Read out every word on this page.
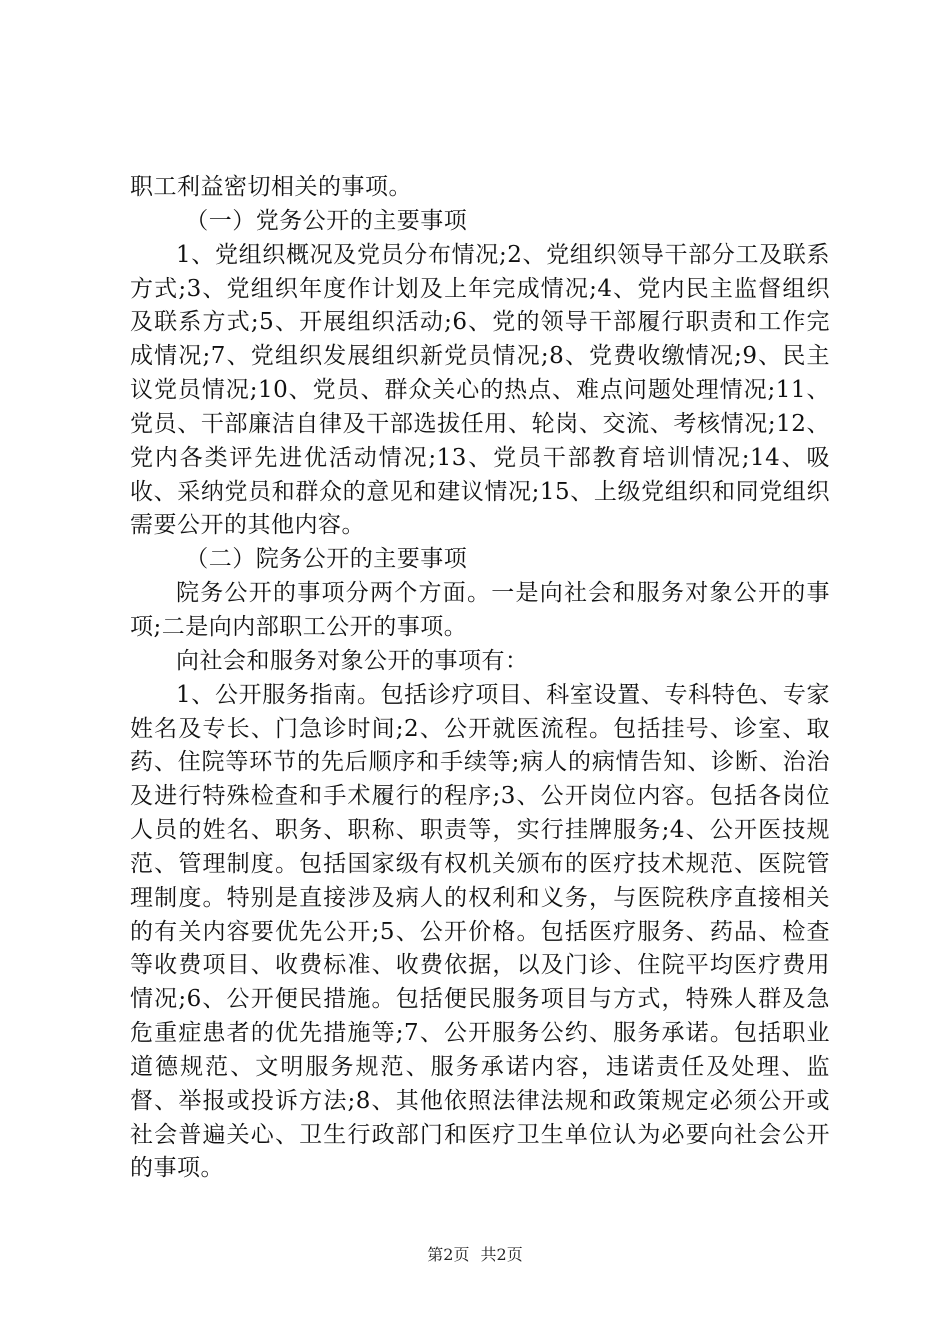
职工利益密切相关的事项。

（一）党务公开的主要事项

1、党组织概况及党员分布情况;2、党组织领导干部分工及联系方式;3、党组织年度作计划及上年完成情况;4、党内民主监督组织及联系方式;5、开展组织活动;6、党的领导干部履行职责和工作完成情况;7、党组织发展组织新党员情况;8、党费收缴情况;9、民主议党员情况;10、党员、群众关心的热点、难点问题处理情况;11、党员、干部廉洁自律及干部选拔任用、轮岗、交流、考核情况;12、党内各类评先进优活动情况;13、党员干部教育培训情况;14、吸收、采纳党员和群众的意见和建议情况;15、上级党组织和同党组织需要公开的其他内容。

（二）院务公开的主要事项

院务公开的事项分两个方面。一是向社会和服务对象公开的事项;二是向内部职工公开的事项。

向社会和服务对象公开的事项有：

1、公开服务指南。包括诊疗项目、科室设置、专科特色、专家姓名及专长、门急诊时间;2、公开就医流程。包括挂号、诊室、取药、住院等环节的先后顺序和手续等;病人的病情告知、诊断、治治及进行特殊检查和手术履行的程序;3、公开岗位内容。包括各岗位人员的姓名、职务、职称、职责等，实行挂牌服务;4、公开医技规范、管理制度。包括国家级有权机关颁布的医疗技术规范、医院管理制度。特别是直接涉及病人的权利和义务，与医院秩序直接相关的有关内容要优先公开;5、公开价格。包括医疗服务、药品、检查等收费项目、收费标准、收费依据，以及门诊、住院平均医疗费用情况;6、公开便民措施。包括便民服务项目与方式，特殊人群及急危重症患者的优先措施等;7、公开服务公约、服务承诺。包括职业道德规范、文明服务规范、服务承诺内容，违诺责任及处理、监督、举报或投诉方法;8、其他依照法律法规和政策规定必须公开或社会普遍关心、卫生行政部门和医疗卫生单位认为必要向社会公开的事项。

第2页 共2页
